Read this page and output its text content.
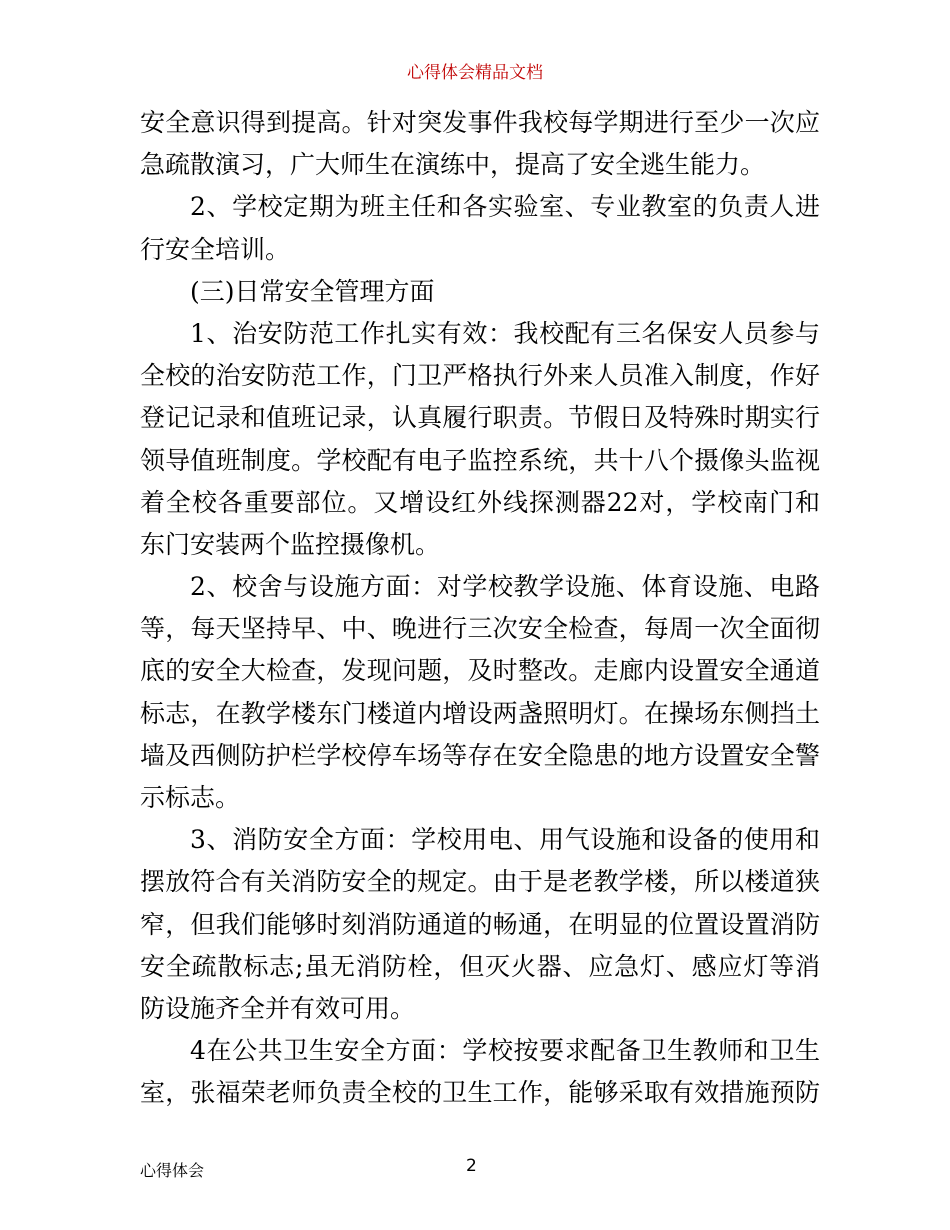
心得体会精品文档
安全意识得到提高。针对突发事件我校每学期进行至少一次应
急疏散演习，广大师生在演练中，提高了安全逃生能力。
2、学校定期为班主任和各实验室、专业教室的负责人进
行安全培训。
(三)日常安全管理方面
1、治安防范工作扎实有效：我校配有三名保安人员参与
全校的治安防范工作，门卫严格执行外来人员准入制度，作好
登记记录和值班记录，认真履行职责。节假日及特殊时期实行
领导值班制度。学校配有电子监控系统，共十八个摄像头监视
着全校各重要部位。又增设红外线探测器22对，学校南门和
东门安装两个监控摄像机。
2、校舍与设施方面：对学校教学设施、体育设施、电路
等，每天坚持早、中、晚进行三次安全检查，每周一次全面彻
底的安全大检查，发现问题，及时整改。走廊内设置安全通道
标志，在教学楼东门楼道内增设两盏照明灯。在操场东侧挡土
墙及西侧防护栏学校停车场等存在安全隐患的地方设置安全警
示标志。
3、消防安全方面：学校用电、用气设施和设备的使用和
摆放符合有关消防安全的规定。由于是老教学楼，所以楼道狭
窄，但我们能够时刻消防通道的畅通，在明显的位置设置消防
安全疏散标志;虽无消防栓，但灭火器、应急灯、感应灯等消
防设施齐全并有效可用。
4在公共卫生安全方面：学校按要求配备卫生教师和卫生
室，张福荣老师负责全校的卫生工作，能够采取有效措施预防
心得体会	2
